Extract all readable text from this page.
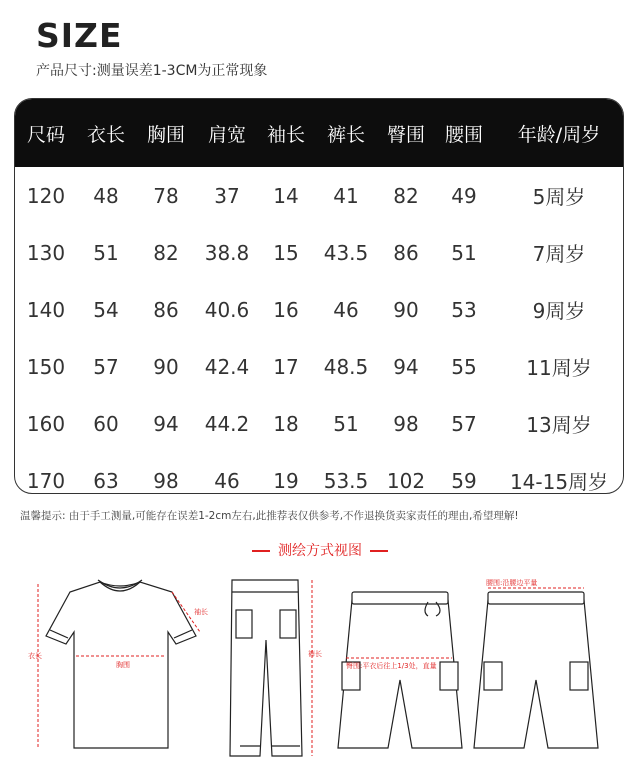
SIZE
产品尺寸:测量误差1-3CM为正常现象
尺码	衣长	胸围	肩宽	袖长	裤长	臀围	腰围	年龄/周岁
120	48	78	37	14	41	82	49	5周岁
130	51	82	38.8	15	43.5	86	51	7周岁
140	54	86	40.6	16	46	90	53	9周岁
150	57	90	42.4	17	48.5	94	55	11周岁
160	60	94	44.2	18	51	98	57	13周岁
170	63	98	46	19	53.5	102	59	14-15周岁
温馨提示: 由于手工测量,可能存在误差1-2cm左右,此推荐表仅供参考,不作退换货卖家责任的理由,希望理解!
测绘方式视图
衣长
胸围
袖长
裤长
臀围:平衣后往上1/3处，直量
腰围:沿腰边平量
